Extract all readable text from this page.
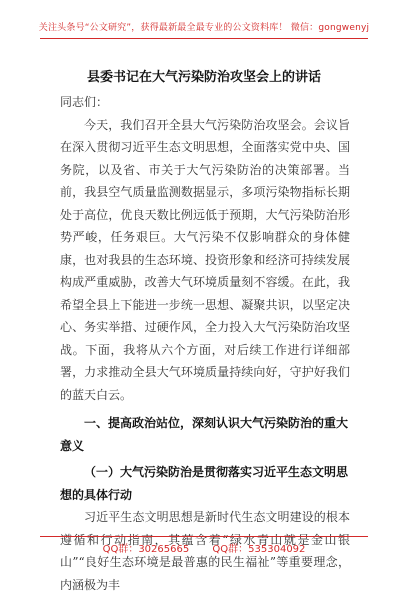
关注头条号“公文研究”，获得最新最全最专业的公文资料库！ 微信：gongwenyj
县委书记在大气污染防治攻坚会上的讲话

同志们：

今天，我们召开全县大气污染防治攻坚会。会议旨在深入贯彻习近平生态文明思想，全面落实党中央、国务院，以及省、市关于大气污染防治的决策部署。当前，我县空气质量监测数据显示，多项污染物指标长期处于高位，优良天数比例远低于预期，大气污染防治形势严峻，任务艰巨。大气污染不仅影响群众的身体健康，也对我县的生态环境、投资形象和经济可持续发展构成严重威胁，改善大气环境质量刻不容缓。在此，我希望全县上下能进一步统一思想、凝聚共识，以坚定决心、务实举措、过硬作风，全力投入大气污染防治攻坚战。下面，我将从六个方面，对后续工作进行详细部署，力求推动全县大气环境质量持续向好，守护好我们的蓝天白云。

一、提高政治站位，深刻认识大气污染防治的重大意义

（一）大气污染防治是贯彻落实习近平生态文明思想的具体行动

习近平生态文明思想是新时代生态文明建设的根本遵循和行动指南，其蕴含着“绿水青山就是金山银山”“良好生态环境是最普惠的民生福祉”等重要理念，内涵极为丰

QQ群：30265665 QQ群：535304092
